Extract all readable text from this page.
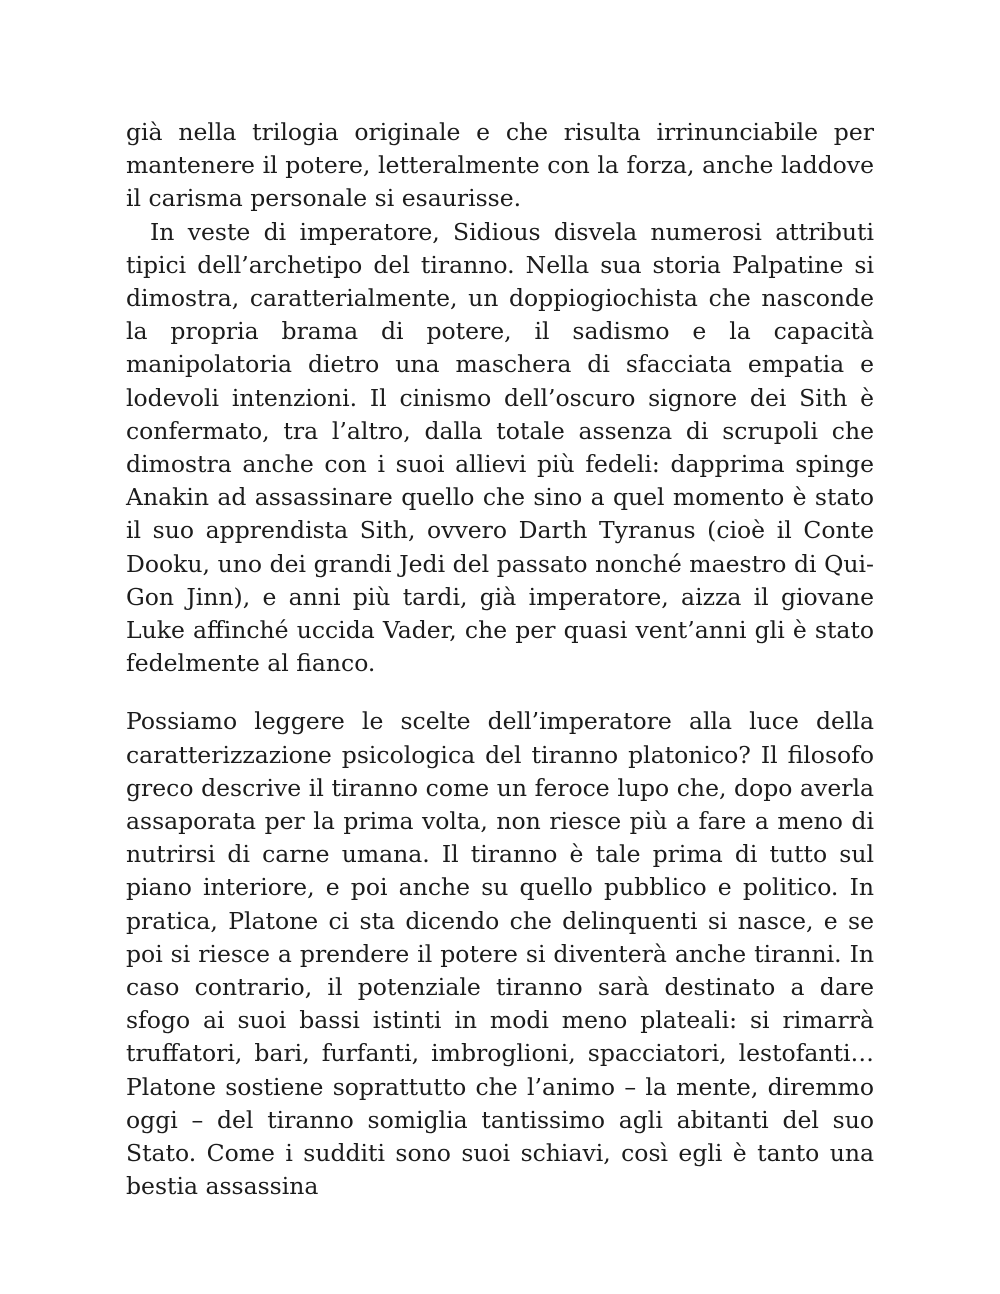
già nella trilogia originale e che risulta irrinunciabile per mantenere il potere, letteralmente con la forza, anche laddove il carisma personale si esaurisse.

In veste di imperatore, Sidious disvela numerosi attributi tipici dell’archetipo del tiranno. Nella sua storia Palpatine si dimostra, caratterialmente, un doppiogiochista che nasconde la propria brama di potere, il sadismo e la capacità manipolatoria dietro una maschera di sfacciata empatia e lodevoli intenzioni. Il cinismo dell’oscuro signore dei Sith è confermato, tra l’altro, dalla totale assenza di scrupoli che dimostra anche con i suoi allievi più fedeli: dapprima spinge Anakin ad assassinare quello che sino a quel momento è stato il suo apprendista Sith, ovvero Darth Tyranus (cioè il Conte Dooku, uno dei grandi Jedi del passato nonché maestro di Qui-Gon Jinn), e anni più tardi, già imperatore, aizza il giovane Luke affinché uccida Vader, che per quasi vent’anni gli è stato fedelmente al fianco.

Possiamo leggere le scelte dell’imperatore alla luce della caratterizzazione psicologica del tiranno platonico? Il filosofo greco descrive il tiranno come un feroce lupo che, dopo averla assaporata per la prima volta, non riesce più a fare a meno di nutrirsi di carne umana. Il tiranno è tale prima di tutto sul piano interiore, e poi anche su quello pubblico e politico. In pratica, Platone ci sta dicendo che delinquenti si nasce, e se poi si riesce a prendere il potere si diventerà anche tiranni. In caso contrario, il potenziale tiranno sarà destinato a dare sfogo ai suoi bassi istinti in modi meno plateali: si rimarrà truffatori, bari, furfanti, imbroglioni, spacciatori, lestofanti… Platone sostiene soprattutto che l’animo – la mente, diremmo oggi – del tiranno somiglia tantissimo agli abitanti del suo Stato. Come i sudditi sono suoi schiavi, così egli è tanto una bestia assassina
